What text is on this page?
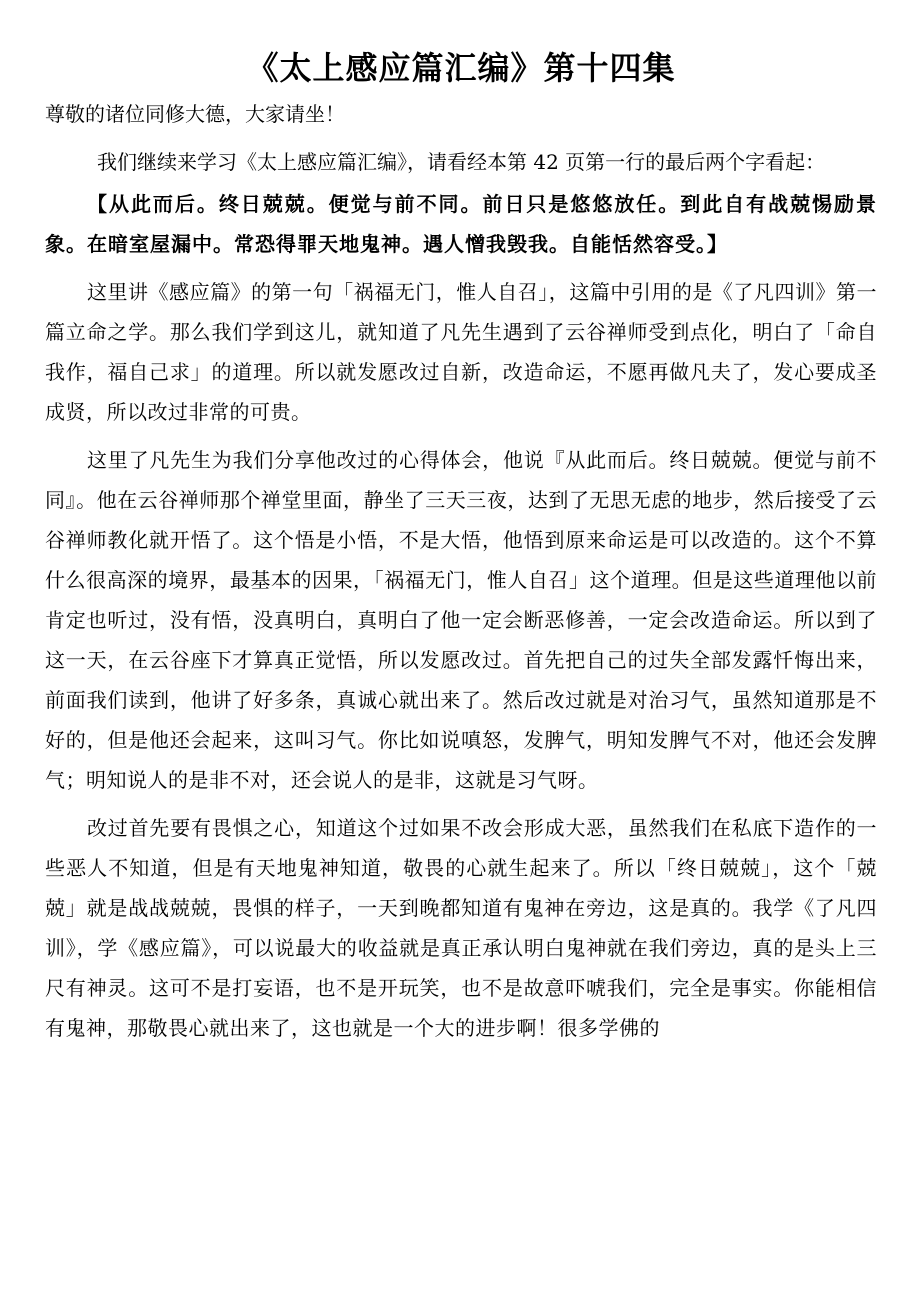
《太上感应篇汇编》第十四集

尊敬的诸位同修大德，大家请坐！

我们继续来学习《太上感应篇汇编》，请看经本第 42 页第一行的最后两个字看起：

【从此而后。终日兢兢。便觉与前不同。前日只是悠悠放任。到此自有战兢惕励景象。在暗室屋漏中。常恐得罪天地鬼神。遇人憎我毁我。自能恬然容受。】

这里讲《感应篇》的第一句「祸福无门，惟人自召」，这篇中引用的是《了凡四训》第一篇立命之学。那么我们学到这儿，就知道了凡先生遇到了云谷禅师受到点化，明白了「命自我作，福自己求」的道理。所以就发愿改过自新，改造命运，不愿再做凡夫了，发心要成圣成贤，所以改过非常的可贵。

这里了凡先生为我们分享他改过的心得体会，他说『从此而后。终日兢兢。便觉与前不同』。他在云谷禅师那个禅堂里面，静坐了三天三夜，达到了无思无虑的地步，然后接受了云谷禅师教化就开悟了。这个悟是小悟，不是大悟，他悟到原来命运是可以改造的。这个不算什么很高深的境界，最基本的因果，「祸福无门，惟人自召」这个道理。但是这些道理他以前肯定也听过，没有悟，没真明白，真明白了他一定会断恶修善，一定会改造命运。所以到了这一天，在云谷座下才算真正觉悟，所以发愿改过。首先把自己的过失全部发露忏悔出来，前面我们读到，他讲了好多条，真诚心就出来了。然后改过就是对治习气，虽然知道那是不好的，但是他还会起来，这叫习气。你比如说嗔怒，发脾气，明知发脾气不对，他还会发脾气；明知说人的是非不对，还会说人的是非，这就是习气呀。

改过首先要有畏惧之心，知道这个过如果不改会形成大恶，虽然我们在私底下造作的一些恶人不知道，但是有天地鬼神知道，敬畏的心就生起来了。所以「终日兢兢」，这个「兢兢」就是战战兢兢，畏惧的样子，一天到晚都知道有鬼神在旁边，这是真的。我学《了凡四训》，学《感应篇》，可以说最大的收益就是真正承认明白鬼神就在我们旁边，真的是头上三尺有神灵。这可不是打妄语，也不是开玩笑，也不是故意吓唬我们，完全是事实。你能相信有鬼神，那敬畏心就出来了，这也就是一个大的进步啊！很多学佛的
